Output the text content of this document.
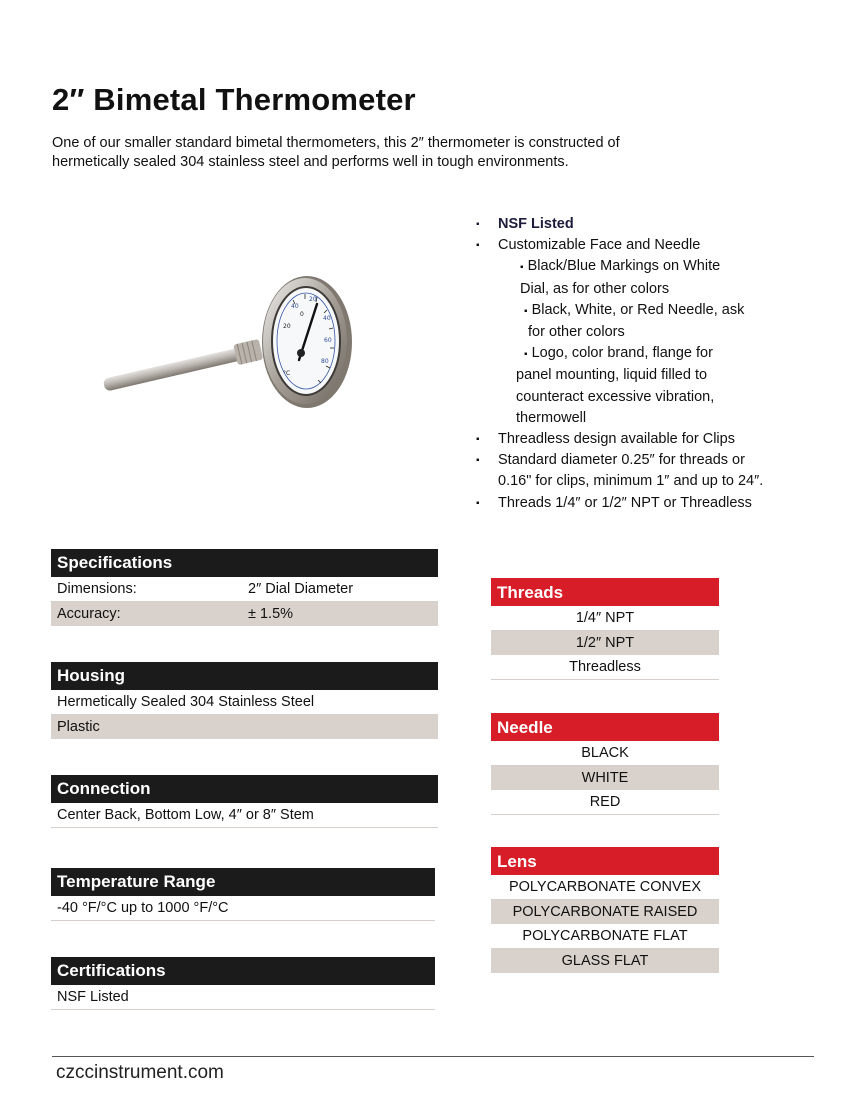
2″ Bimetal Thermometer
One of our smaller standard bimetal thermometers, this 2″ thermometer is constructed of
hermetically sealed 304 stainless steel and performs well in tough environments.
40
20
40
60
80
0
20
°C
▪ NSF Listed
▪ Customizable Face and Needle
▪ Black/Blue Markings on White
Dial, as for other colors
▪ Black, White, or Red Needle, ask
for other colors
▪ Logo, color brand, flange for
panel mounting, liquid filled to
counteract excessive vibration,
thermowell
▪ Threadless design available for Clips
▪ Standard diameter 0.25″ for threads or
0.16" for clips, minimum 1″ and up to 24″.
▪ Threads 1/4″ or 1/2″ NPT or Threadless
Specifications
Dimensions:	2″ Dial Diameter
Accuracy:	± 1.5%
Housing
Hermetically Sealed 304 Stainless Steel
Plastic
Connection
Center Back, Bottom Low, 4″ or 8″ Stem
Temperature Range
-40 °F/°C up to 1000 °F/°C
Certifications
NSF Listed
Threads
1/4″ NPT
1/2″ NPT
Threadless
Needle
BLACK
WHITE
RED
Lens
POLYCARBONATE CONVEX
POLYCARBONATE RAISED
POLYCARBONATE FLAT
GLASS FLAT
czccinstrument.com
